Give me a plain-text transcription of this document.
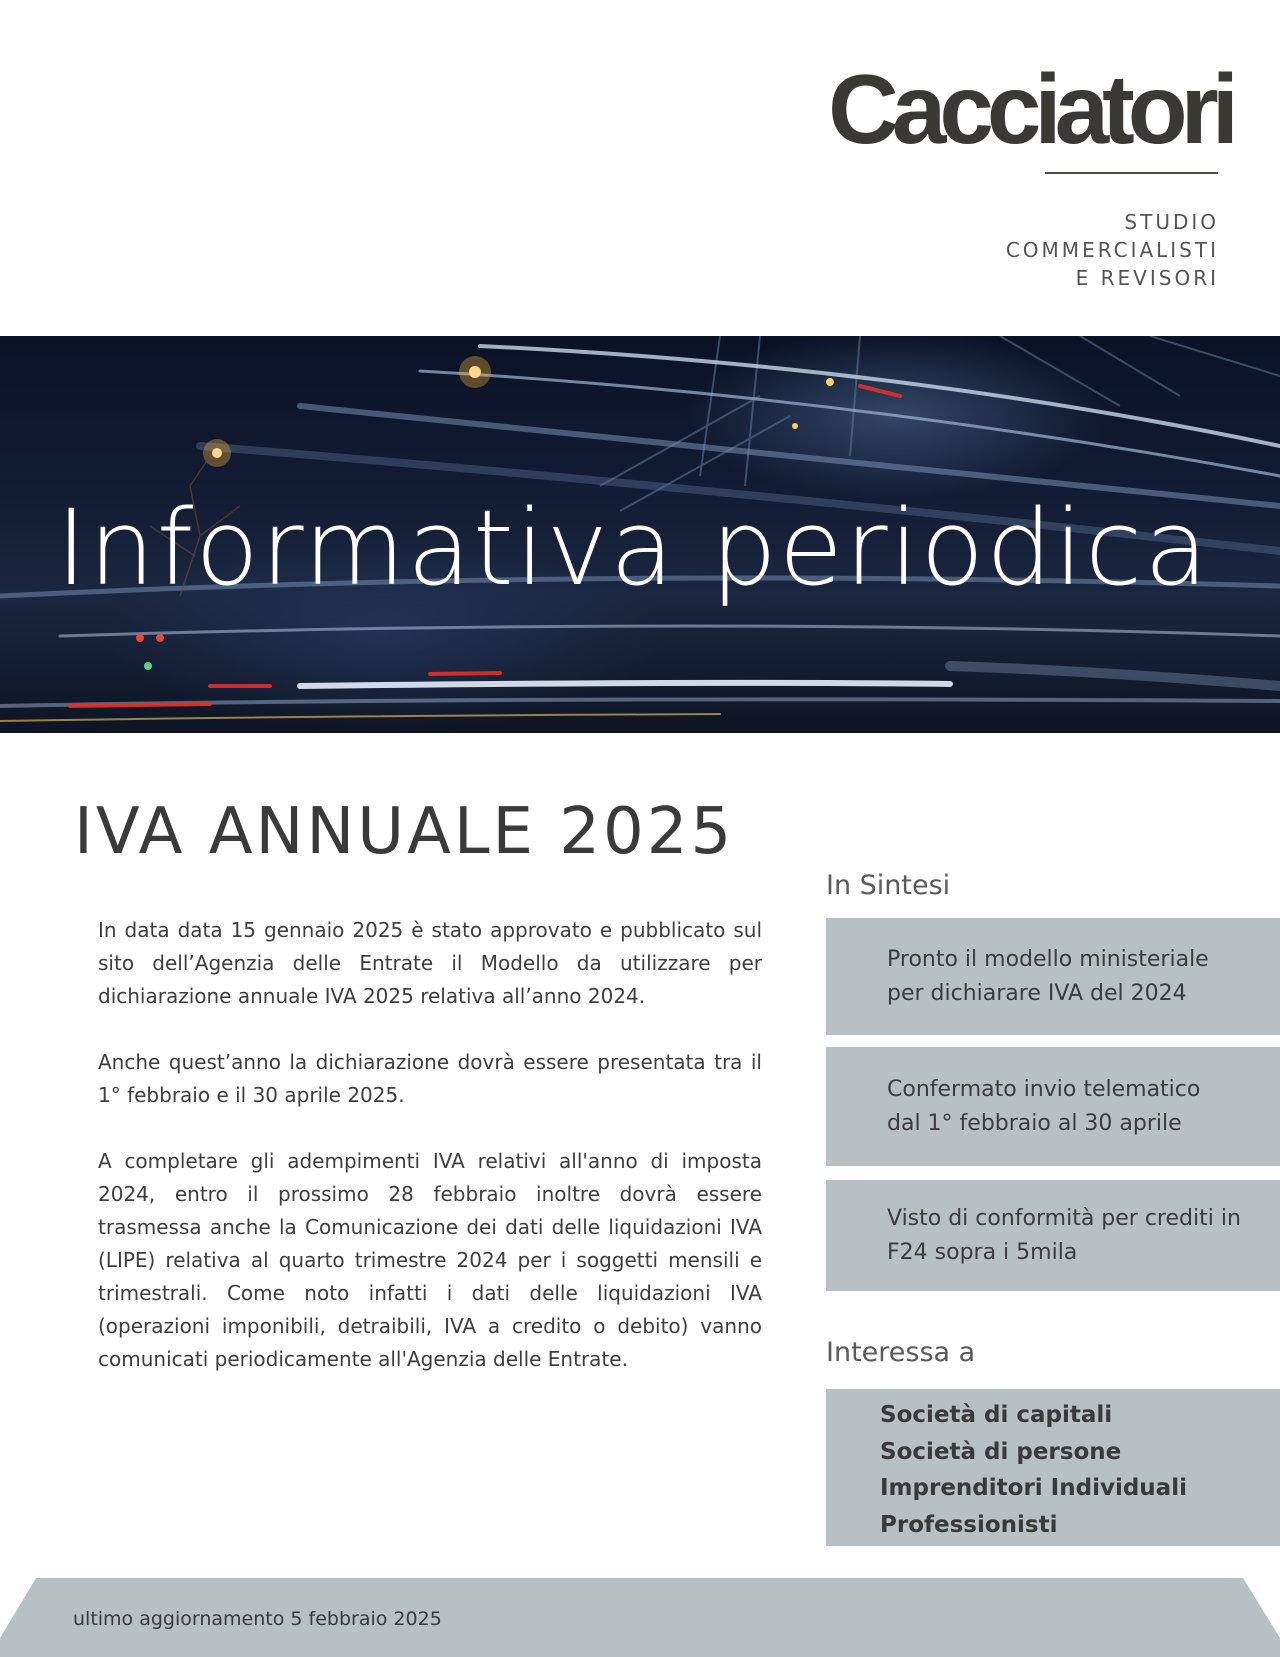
Cacciatori
STUDIO
COMMERCIALISTI
E REVISORI
Informativa periodica
IVA ANNUALE 2025

In data data 15 gennaio 2025 è stato approvato e pubblicato sul sito dell’Agenzia delle Entrate il Modello da utilizzare per dichiarazione annuale IVA 2025 relativa all’anno 2024.

Anche quest’anno la dichiarazione dovrà essere presentata tra il 1° febbraio e il 30 aprile 2025.

A completare gli adempimenti IVA relativi all'anno di imposta 2024, entro il prossimo 28 febbraio inoltre dovrà essere trasmessa anche la Comunicazione dei dati delle liquidazioni IVA (LIPE) relativa al quarto trimestre 2024 per i soggetti mensili e trimestrali. Come noto infatti i dati delle liquidazioni IVA (operazioni imponibili, detraibili, IVA a credito o debito) vanno comunicati periodicamente all'Agenzia delle Entrate.

In Sintesi
Pronto il modello ministeriale
per dichiarare IVA del 2024
Confermato invio telematico
dal 1° febbraio al 30 aprile
Visto di conformità per crediti in
F24 sopra i 5mila
Interessa a
Società di capitali
Società di persone
Imprenditori Individuali
Professionisti
ultimo aggiornamento 5 febbraio 2025
